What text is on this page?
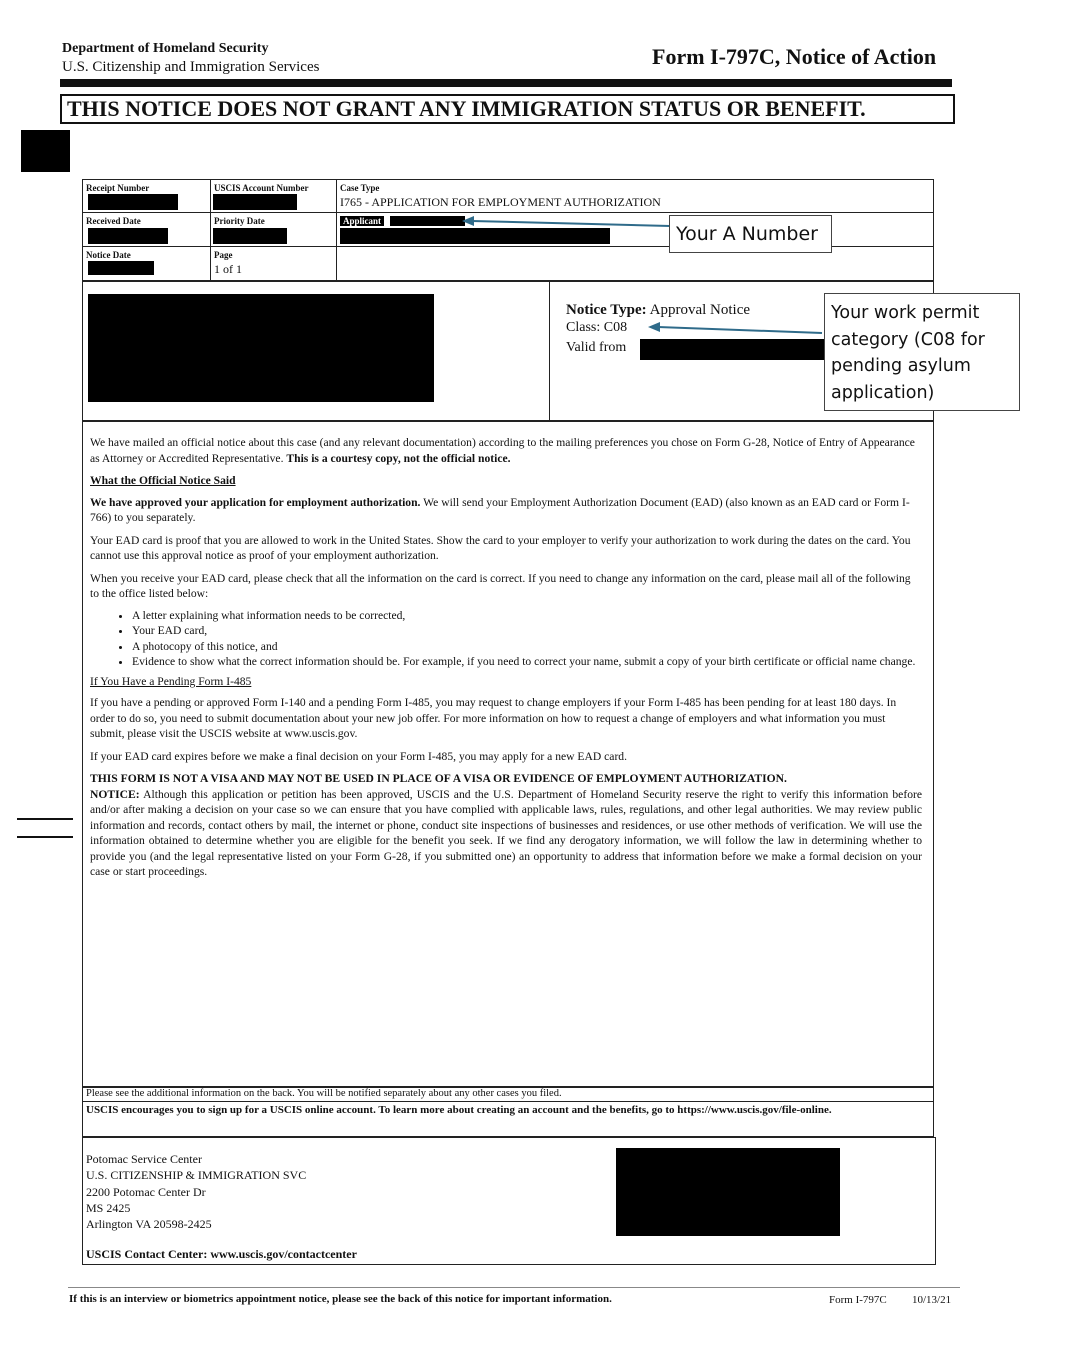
Department of Homeland Security
U.S. Citizenship and Immigration Services	Form I-797C, Notice of Action
THIS NOTICE DOES NOT GRANT ANY IMMIGRATION STATUS OR BENEFIT.
Receipt Number	USCIS Account Number	Case Type
I765 - APPLICATION FOR EMPLOYMENT AUTHORIZATION
Received Date	Priority Date	Applicant
Notice Date	Page
1 of 1
Your A Number
Notice Type: Approval Notice
Class: C08
Valid from
Your work permit category (C08 for pending asylum application)

We have mailed an official notice about this case (and any relevant documentation) according to the mailing preferences you chose on Form G-28, Notice of Entry of Appearance as Attorney or Accredited Representative. This is a courtesy copy, not the official notice.

What the Official Notice Said

We have approved your application for employment authorization. We will send your Employment Authorization Document (EAD) (also known as an EAD card or Form I-766) to you separately.

Your EAD card is proof that you are allowed to work in the United States. Show the card to your employer to verify your authorization to work during the dates on the card. You cannot use this approval notice as proof of your employment authorization.

When you receive your EAD card, please check that all the information on the card is correct. If you need to change any information on the card, please mail all of the following to the office listed below:

• A letter explaining what information needs to be corrected,
• Your EAD card,
• A photocopy of this notice, and
• Evidence to show what the correct information should be. For example, if you need to correct your name, submit a copy of your birth certificate or official name change.

If You Have a Pending Form I-485

If you have a pending or approved Form I-140 and a pending Form I-485, you may request to change employers if your Form I-485 has been pending for at least 180 days. In order to do so, you need to submit documentation about your new job offer. For more information on how to request a change of employers and what information you must submit, please visit the USCIS website at www.uscis.gov.

If your EAD card expires before we make a final decision on your Form I-485, you may apply for a new EAD card.

THIS FORM IS NOT A VISA AND MAY NOT BE USED IN PLACE OF A VISA OR EVIDENCE OF EMPLOYMENT AUTHORIZATION.

NOTICE: Although this application or petition has been approved, USCIS and the U.S. Department of Homeland Security reserve the right to verify this information before and/or after making a decision on your case so we can ensure that you have complied with applicable laws, rules, regulations, and other legal authorities. We may review public information and records, contact others by mail, the internet or phone, conduct site inspections of businesses and residences, or use other methods of verification. We will use the information obtained to determine whether you are eligible for the benefit you seek. If we find any derogatory information, we will follow the law in determining whether to provide you (and the legal representative listed on your Form G-28, if you submitted one) an opportunity to address that information before we make a formal decision on your case or start proceedings.

Please see the additional information on the back. You will be notified separately about any other cases you filed.
USCIS encourages you to sign up for a USCIS online account. To learn more about creating an account and the benefits, go to https://www.uscis.gov/file-online.
Potomac Service Center
U.S. CITIZENSHIP & IMMIGRATION SVC
2200 Potomac Center Dr
MS 2425
Arlington VA 20598-2425
USCIS Contact Center: www.uscis.gov/contactcenter
If this is an interview or biometrics appointment notice, please see the back of this notice for important information.	Form I-797C 10/13/21
